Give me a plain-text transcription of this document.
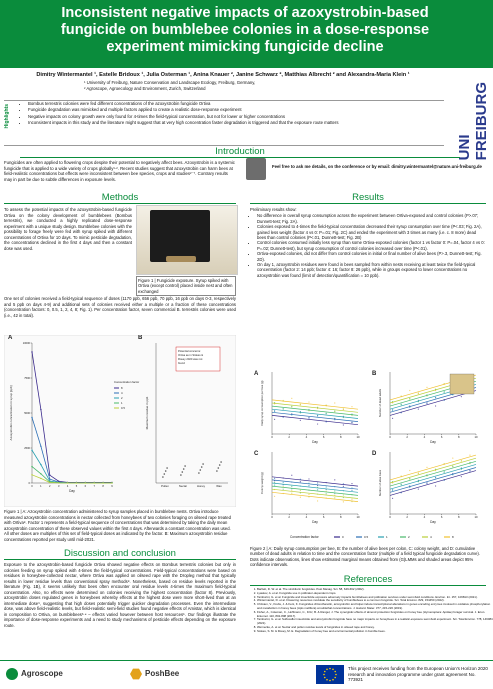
Inconsistent negative impacts of azoxystrobin-based fungicide on bumblebee colonies in a dose-response experiment mimicking fungicide decline
Dimitry Wintermantel ¹, Estelle Bridoux ¹, Julia Osterman ¹, Anina Knauer ², Janine Schwarz ², Matthias Albrecht ² and Alexandra-Maria Klein ¹
¹ University of Freiburg, Nature Conservation and Landscape Ecology, Freiburg, Germany,
² Agroscope, Agroecology and Environment, Zurich, Switzerland
UNI FREIBURG
Highlights
• Bombus terrestris colonies were fed different concentrations of the azoxystrobin fungicide Ortiva
• Fungicide degradation was mimicked and multiple factors applied to create a realistic dose-response experiment
• Negative impacts on colony growth were only found for 4-times the field-typical concentration, but not for lower or higher concentrations
• Inconsistent impacts in this study and the literature might suggest that at very high concentration faster degradation is triggered and that the exposure route matters
Introduction
Fungicides are often applied to flowering crops despite their potential to negatively affect bees. Azoxystrobin is a systemic fungicide that is applied to a wide variety of crops globally¹·². Recent studies suggest that azoxystrobin can harm bees at field-realistic concentrations but effects were inconsistent between bee species, crops and studies²⁻⁷. Contrary results may in part be due to subtle differences in exposure levels.
Feel free to ask me details, on the conference or by email: dimitry.wintermantel@nature.uni-freiburg.de
Methods
To assess the potential impacts of the azoxystrobin-based fungicide Ortiva on the colony development of bumblebees (Bombus terrestris), we conducted a highly replicated dose-response experiment with a unique study design. Bumblebee colonies with the possibility to forage freely were fed with syrup spiked with different concentrations of Ortiva for 10 days. To mimic pesticide degradation, the concentrations declined in the first 4 days and then a constant dose was used.
Figure 1 | Fungicide exposure. Syrup spiked with Ortiva (except control) placed inside nest and often exchanged
One set of colonies received a field-typical sequence of doses (1170 ppb, 656 ppb, 70 ppb, 16 ppb on days 0-3, respectively and 5 ppb on days 4-9) and additional sets of colonies received either a multiple or a fraction of these concentrations (concentration factors: 0, 0.5, 1, 2, 4, 8; Fig. 1). Per concentration factor, seven commercial B. terrestris colonies were used (i.e., 42 in total).
A
0
2500
5000
7500
10000
0	1	2	3	4	5	6	7	8	9
Day
Azoxystrobin concentration in syrup [ppb]
Concentration factor
8
4
2
1
0.5
B
Maximum residue in ppb
Pollen	Nectar	Honey	Wax
Potential concerns:
Ortiva as in Stokes &
Rosey 2020 was not
found
Figure 1 | A: Azoxystrobin concentration administered to syrup samples placed in bumblebee nests. Ortiva introduce measured azoxystrobin concentrations in nectar collected from honeybees of two colonies foraging on oilseed rape treated with Ortiva⁸. Factor 1 represents a field-typical sequence of concentrations that was determined by taking the daily mean azoxystrobin concentration of these observed values within the first 4 days. Afterwards a constant concentration was used. All other doses are multiples of this set of field-typical doses as indicated by the factor. B: Maximum azoxystrobin residue concentrations reported per study until mid-2021.
Discussion and conclusion
Exposure to the azoxystrobin-based fungicide Ortiva showed negative effects on Bombus terrestris colonies but only in colonies feeding on syrup spiked with 4-times the field-typical concentrations. Field-typical concentrations were based on residues in honeybee-collected nectar, where Ortiva was applied on oilseed rape with the Dropleg method that typically results in lower residue levels than conventional spray methods⁸. Nonetheless, based on residue levels reported in the literature (Fig. 1B), it seems unlikely that bees often encounter oral residue levels 4-times the maximum field-typical concentration. Also, no effects were determined on colonies receiving the highest concentration (factor 8). Previously, azoxystrobin doses regulated genes in honeybees whereby effects at the highest dose were more short-lived than at an intermediate dose⁹, suggesting that high doses potentially trigger quicker degradation processes. Even the intermediate dose, was above field-realistic levels, but field-realistic semi-field studies found negative effects of Amistar, which is identical in composition to Ortiva, on bumblebees³·⁴ – effects varied however between host resources⁵. Our findings illustrate the importance of dose-response experiments and a need to study mechanisms of pesticide effects depending on the exposure route.
Results

Preliminary results show:

• No difference in overall syrup consumption across the experiment between Ortiva-exposed and control colonies (P>.07; Dunnett-test; Fig. 2A).
• Colonies exposed to 4-times the field-typical concentration decreased their syrup consumption over time (P<.03; Fig. 2A), gained less weight (factor 4 vs 0: P=.01; Fig. 2C) and ended the experiment with 3 times as many (i.e. c. 8 more) dead bees than control colonies (P<.01, Dunnett-test; Fig. 2B)
• Control colonies consumed initially less syrup than some Ortiva-exposed colonies (factor 1 vs factor 0: P=.04, factor 4 vs 0: P=.02; Dunnett-test), but syrup consumption of control colonies increased over time (P<.01).
• Ortiva-exposed colonies, did not differ from control colonies in initial or final number of alive bees (P>.3, Dunnett-test; Fig. 2D).
• On day 1, azoxystrobin residues were found in bees sampled from within nests receiving at least twice the field-typical concentration (factor 2: 14 ppb; factor 4: 16; factor 8: 26 ppb), while in groups exposed to lower concentrations no azoxystrobin was found (limit of detection/quantification = 10 ppb).
A
0	2	4	6	8	10
Day
Daily syrup consumption per bee (g)
B
0	2	4	6	8	10
Day
Number of dead adults
C
0	2	4	6	8	10
Day
Colony weight (g)
D
0	2	4	6	8	10
Day
Number of alive bees
Concentration factor	0	0.5	1	2	4	8
Figure 2 | A: Daily syrup consumption per bee, B: the number of alive bees per colon, C: colony weight, and D: cumulative number of dead adults in relation to time and the concentration factor (multiple of a field typical fungicide degradation curve). Dots indicate observations, lines show estimated marginal means obtained from (G)LMMs and shaded areas depict 95% confidence intervals.
References
1. Bartlett, D. W. et al. The strobilurin fungicides. Pest Manag. Sci. 58, 649-662 (2002).
2. Lyaskov, A. et al. Fungicide use in pollinator-dependent crops.
3. Tamburini, G. et al. Fungicide and insecticide exposure adversely impacts bumblebees and pollination services under semi-field conditions. Environ. Int. 157, 106813 (2021).
4. Wintermantel, D. et al. Flowering resources modulate the sensitivity of bumblebees to a common fungicide. Sci. Total Environ. 829, 154450 (2022).
5. Christen, V., Krebs, J. & Fent, K. Fungicides chlorothanolin, azoxystrobin and folpet induce transcriptional alterations in genes encoding enzymes involved in oxidative phosphorylation and metabolism in honey bees (Apis mellifera) at sublethal concentrations. J. Hazard. Mater. 377, 215-226 (2019).
6. Fisher, A., Coleman, C., Hoffmann, C., Fritz, B. & Rangel, J. The synergistic effects of almond protection fungicides on honey bee (Hymenoptera: Apidae) forager survival. J. Econ. Entomol. 110, 802-808 (2017).
7. Tamburini, G. et al. Sulfoxaflor insecticide and azoxystrobin fungicide have no major impacts on honeybees in a realistic-exposure semi-field experiment. Sci. Total Environ. 778, 146084 (2021).
8. Wernecke, A. et al. Nectar and pollen residue levels of fungicides in oilseed rape and honey.
9. Stokes, S. M. & Rosey, M. E. Degradation of honey bee and environmental pollution in bumble bees.
Agroscope	PoshBee
This project receives funding from the European Union's Horizon 2020 research and innovation programme under grant agreement No. 773921
